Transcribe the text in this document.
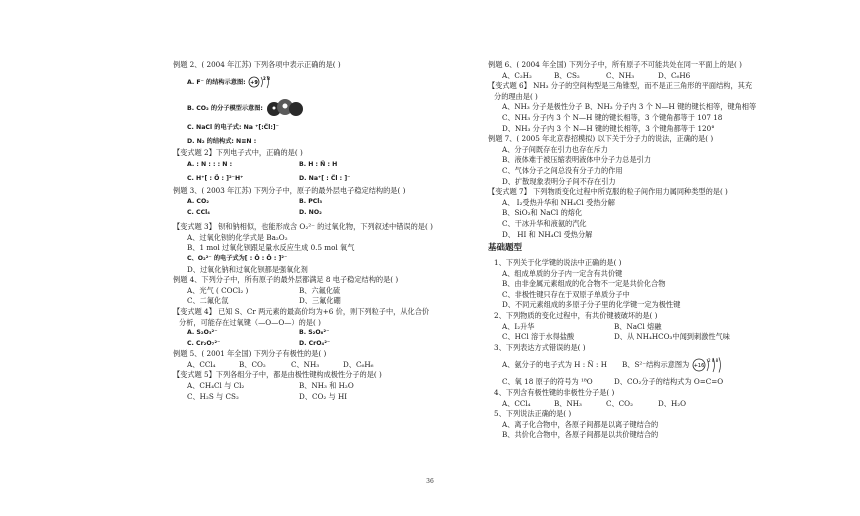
例题 2、( 2004 年江苏) 下列各项中表示正确的是( )
A. F⁻ 的结构示意图: +9
2 8
B. CO₂ 的分子模型示意图:
C. NaCl 的电子式: Na ⁺[:C̈l:]⁻
D. N₂ 的结构式: N≡N :
【变式题 2】下列电子式中，正确的是( )
A. : N : : : N :	B. H : N̈ : H
C. H⁺[ : Ö : ]²⁻H⁺	D. Na⁺[ : C̈l : ]⁻
例题 3、( 2003 年江苏) 下列分子中，原子的最外层电子稳定结构的是( )
A. CO₂	B. PCl₃
C. CCl₄	D. NO₂
【变式题 3】 钡和钠相似，也能形成含 O₂²⁻ 的过氧化物，下列叙述中错误的是( )
A、过氧化钡的化学式是 Ba₂O₂
B、1 mol 过氧化钡跟足量水反应生成 0.5 mol 氧气
C、O₂²⁻ 的电子式为[ : Ö : Ö : ]²⁻
D、过氧化钠和过氧化钡都是强氧化剂
例题 4、下列分子中，所有原子的最外层都满足 8 电子稳定结构的是( )
A、光气 ( COCl₂ )	B、六氟化硫
C、二氟化氙	D、三氟化硼
【变式题 4】 已知 S、Cr 两元素的最高价均为+6 价，则下列粒子中，从化合价
分析，可能存在过氧键（—O—O—）的是( )
A. S₂O₃²⁻	B. S₂O₈²⁻
C. Cr₂O₇²⁻	D. CrO₄²⁻
例题 5、( 2001 年全国) 下列分子有极性的是( )
A、CCl₄	B、CO₂	C、NH₃	D、C₆H₆
【变式题 5】下列各组分子中，都是由极性键构成极性分子的是( )
A、CH₄Cl 与 Cl₂	B、NH₃ 和 H₂O
C、H₂S 与 CS₂	D、CO₂ 与 HI
例题 6、( 2004 年全国) 下列分子中，所有原子不可能共处在同一平面上的是( )
A、C₂H₂	B、CS₂	C、NH₃	D、C₆H6
【变式题 6】 NH₃ 分子的空间构型是三角锥型，而不是正三角形的平面结构，其充
分的理由是( )
A、NH₃ 分子是极性分子 B、NH₃ 分子内 3 个 N—H 键的键长相等，键角相等
C、NH₃ 分子内 3 个 N—H 键的键长相等，3 个键角都等于 107 18
D、NH₃ 分子内 3 个 N—H 键的键长相等，3 个键角都等于 120°
例题 7、( 2005 年北京春招模拟) 以下关于分子力的说法，正确的是( )
A、分子间既存在引力也存在斥力
B、液体难于被压缩表明液体中分子力总是引力
C、气体分子之间总没有分子力的作用
D、扩散现象表明分子间不存在引力
【变式题 7】 下列物质变化过程中所克服的粒子间作用力属同种类型的是( )
A、 I₂受热升华和 NH₄Cl 受热分解
B、SiO₂和 NaCl 的熔化
C、干冰升华和液氨的汽化
D、 HI 和 NH₄Cl 受热分解
基础题型
1、下列关于化学键的说法中正确的是( )
A、组成单质的分子内一定含有共价键
B、由非金属元素组成的化合物不一定是共价化合物
C、非极性键只存在于双原子单质分子中
D、不同元素组成的多原子分子里的化学键一定为极性键
2、下列物质的变化过程中，有共价键被破坏的是( )
A、I₂升华	B、NaCl 熔融
C、HCl 溶于水得盐酸	D、从 NH₄HCO₃中闻到刺激性气味
3、下列表达方式错误的是( )
A、氨分子的电子式为 H : N̈ : H B、S²⁻结构示意图为 +16
2 8 8
C、氧 18 原子的符号为 ¹⁸O	D、CO₂分子的结构式为 O=C=O
4、下列含有极性键的非极性分子是( )
A、CCl₄	B、NH₃	C、CO₂	D、H₂O
5、下列说法正确的是( )
A、离子化合物中，各原子间都是以离子键结合的
B、共价化合物中，各原子间都是以共价键结合的
36
